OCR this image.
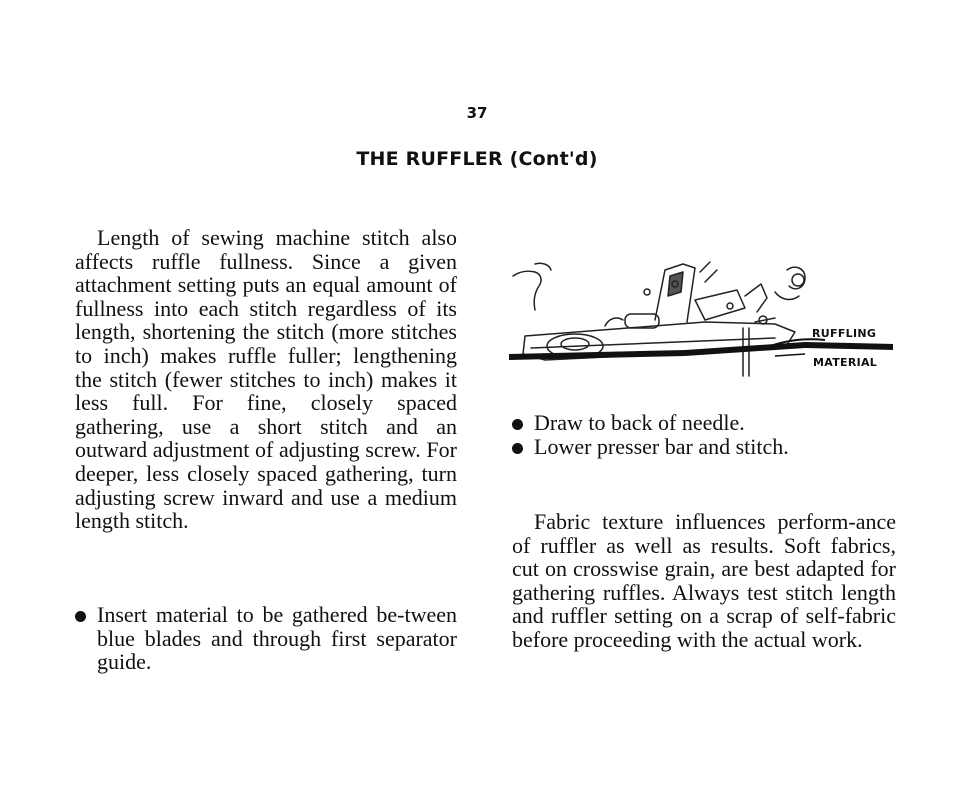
37
THE RUFFLER (Cont'd)

Length of sewing machine stitch also affects ruffle fullness. Since a given attachment setting puts an equal amount of fullness into each stitch regardless of its length, shortening the stitch (more stitches to inch) makes ruffle fuller; lengthening the stitch (fewer stitches to inch) makes it less full. For fine, closely spaced gathering, use a short stitch and an outward adjustment of adjusting screw. For deeper, less closely spaced gathering, turn adjusting screw inward and use a medium length stitch.

Insert material to be gathered be-tween blue blades and through first separator guide.
RUFFLING
MATERIAL
Draw to back of needle.
Lower presser bar and stitch.

Fabric texture influences perform-ance of ruffler as well as results. Soft fabrics, cut on crosswise grain, are best adapted for gathering ruffles. Always test stitch length and ruffler setting on a scrap of self-fabric before proceeding with the actual work.
